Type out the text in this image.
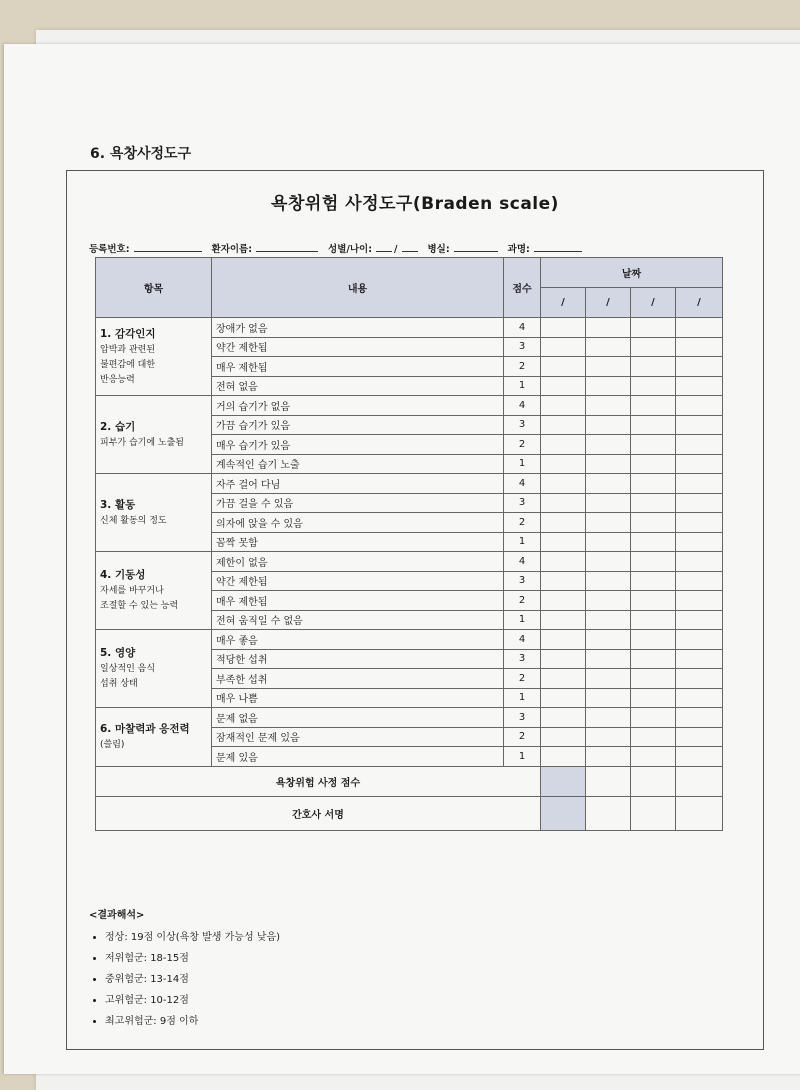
6. 욕창사정도구
욕창위험 사정도구(Braden scale)
등록번호:	환자이름:	성별/나이: /	병실:	과명:
항목	내용	점수	날짜			
			/	/	/	/

1. 감각인지
압박과 관련된
불편감에 대한
반응능력	장애가 없음	4				
	약간 제한됨	3				
	매우 제한됨	2				
	전혀 없음	1				

2. 습기
피부가 습기에 노출됨	거의 습기가 없음	4				
	가끔 습기가 있음	3				
	매우 습기가 있음	2				
	계속적인 습기 노출	1				

3. 활동
신체 활동의 정도	자주 걸어 다님	4				
	가끔 걸을 수 있음	3				
	의자에 앉을 수 있음	2				
	꼼짝 못함	1				

4. 기동성
자세를 바꾸거나
조절할 수 있는 능력	제한이 없음	4				
	약간 제한됨	3				
	매우 제한됨	2				
	전혀 움직일 수 없음	1				

5. 영양
일상적인 음식
섭취 상태	매우 좋음	4				
	적당한 섭취	3				
	부족한 섭취	2				
	매우 나쁨	1				

6. 마찰력과 응전력
(쓸림)	문제 없음	3				
	잠재적인 문제 있음	2				
	문제 있음	1				
욕창위험 사정 점수						
간호사 서명						
<결과해석>
• 정상: 19점 이상(욕창 발생 가능성 낮음)
• 저위험군: 18-15점
• 중위험군: 13-14점
• 고위험군: 10-12점
• 최고위험군: 9점 이하
